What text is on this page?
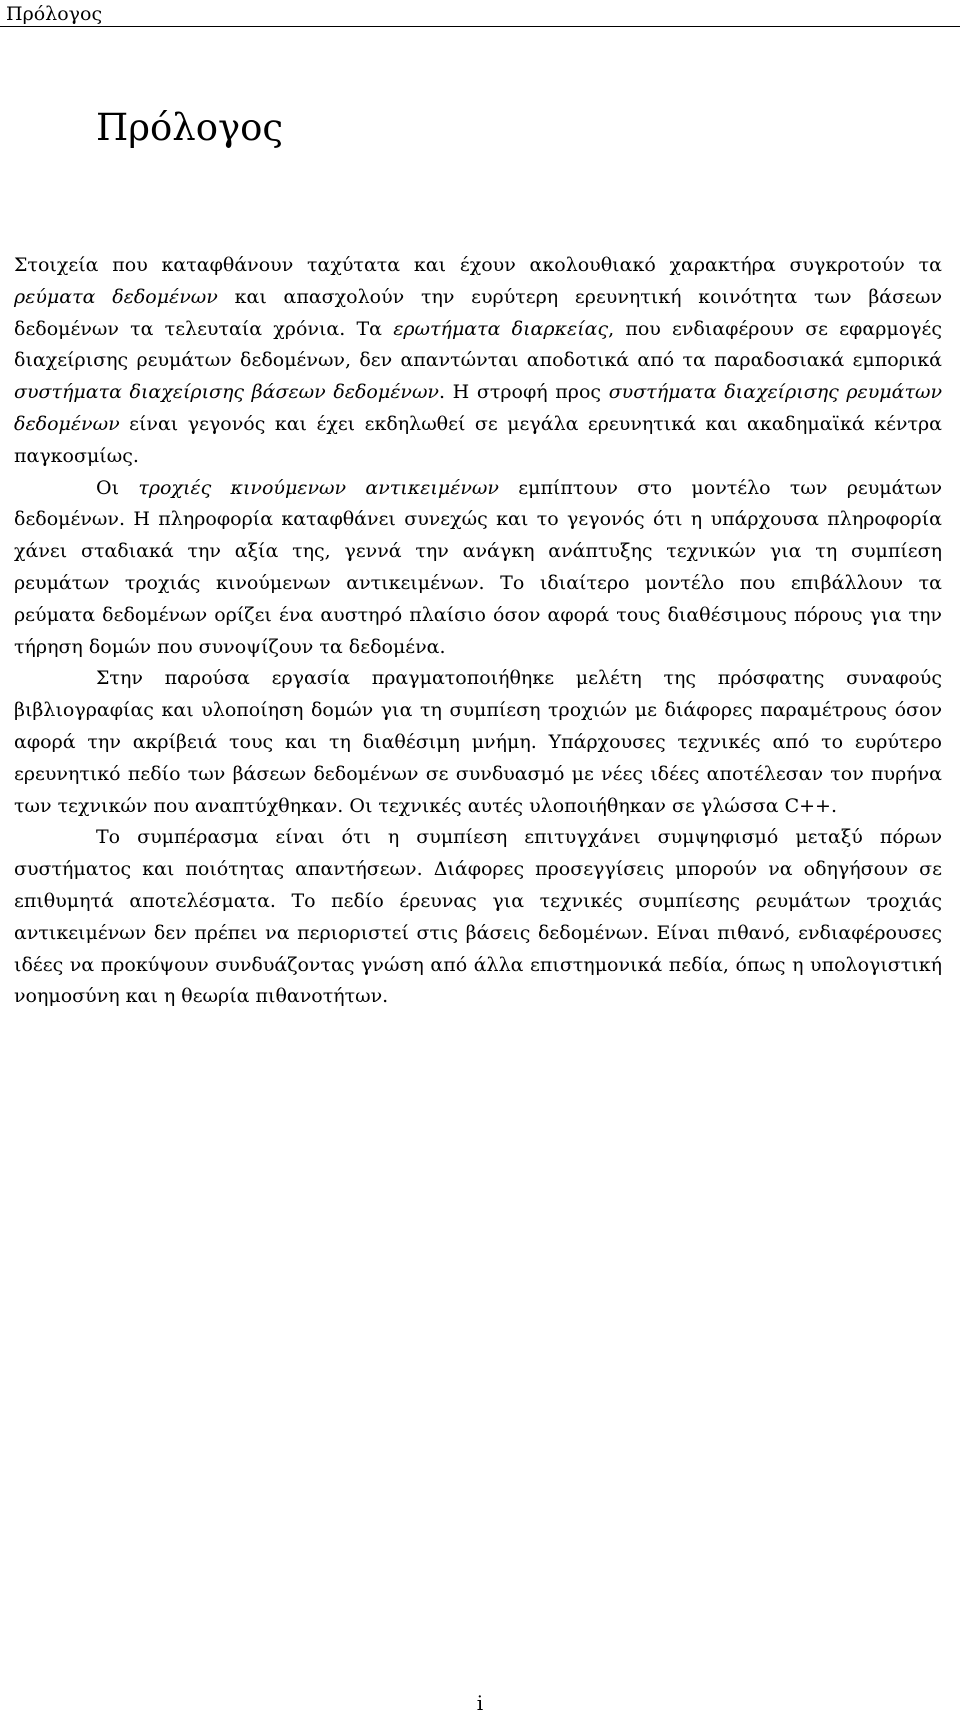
Πρόλογος
Πρόλογος

Στοιχεία που καταφθάνουν ταχύτατα και έχουν ακολουθιακό χαρακτήρα συγκροτούν τα ρεύματα δεδομένων και απασχολούν την ευρύτερη ερευνητική κοινότητα των βάσεων δεδομένων τα τελευταία χρόνια. Τα ερωτήματα διαρκείας, που ενδιαφέρουν σε εφαρμογές διαχείρισης ρευμάτων δεδομένων, δεν απαντώνται αποδοτικά από τα παραδοσιακά εμπορικά συστήματα διαχείρισης βάσεων δεδομένων. Η στροφή προς συστήματα διαχείρισης ρευμάτων δεδομένων είναι γεγονός και έχει εκδηλωθεί σε μεγάλα ερευνητικά και ακαδημαϊκά κέντρα παγκοσμίως.

Οι τροχιές κινούμενων αντικειμένων εμπίπτουν στο μοντέλο των ρευμάτων δεδομένων. Η πληροφορία καταφθάνει συνεχώς και το γεγονός ότι η υπάρχουσα πληροφορία χάνει σταδιακά την αξία της, γεννά την ανάγκη ανάπτυξης τεχνικών για τη συμπίεση ρευμάτων τροχιάς κινούμενων αντικειμένων. Το ιδιαίτερο μοντέλο που επιβάλλουν τα ρεύματα δεδομένων ορίζει ένα αυστηρό πλαίσιο όσον αφορά τους διαθέσιμους πόρους για την τήρηση δομών που συνοψίζουν τα δεδομένα.

Στην παρούσα εργασία πραγματοποιήθηκε μελέτη της πρόσφατης συναφούς βιβλιογραφίας και υλοποίηση δομών για τη συμπίεση τροχιών με διάφορες παραμέτρους όσον αφορά την ακρίβειά τους και τη διαθέσιμη μνήμη. Υπάρχουσες τεχνικές από το ευρύτερο ερευνητικό πεδίο των βάσεων δεδομένων σε συνδυασμό με νέες ιδέες αποτέλεσαν τον πυρήνα των τεχνικών που αναπτύχθηκαν. Οι τεχνικές αυτές υλοποιήθηκαν σε γλώσσα C++.

Το συμπέρασμα είναι ότι η συμπίεση επιτυγχάνει συμψηφισμό μεταξύ πόρων συστήματος και ποιότητας απαντήσεων. Διάφορες προσεγγίσεις μπορούν να οδηγήσουν σε επιθυμητά αποτελέσματα. Το πεδίο έρευνας για τεχνικές συμπίεσης ρευμάτων τροχιάς αντικειμένων δεν πρέπει να περιοριστεί στις βάσεις δεδομένων. Είναι πιθανό, ενδιαφέρουσες ιδέες να προκύψουν συνδυάζοντας γνώση από άλλα επιστημονικά πεδία, όπως η υπολογιστική νοημοσύνη και η θεωρία πιθανοτήτων.

i
